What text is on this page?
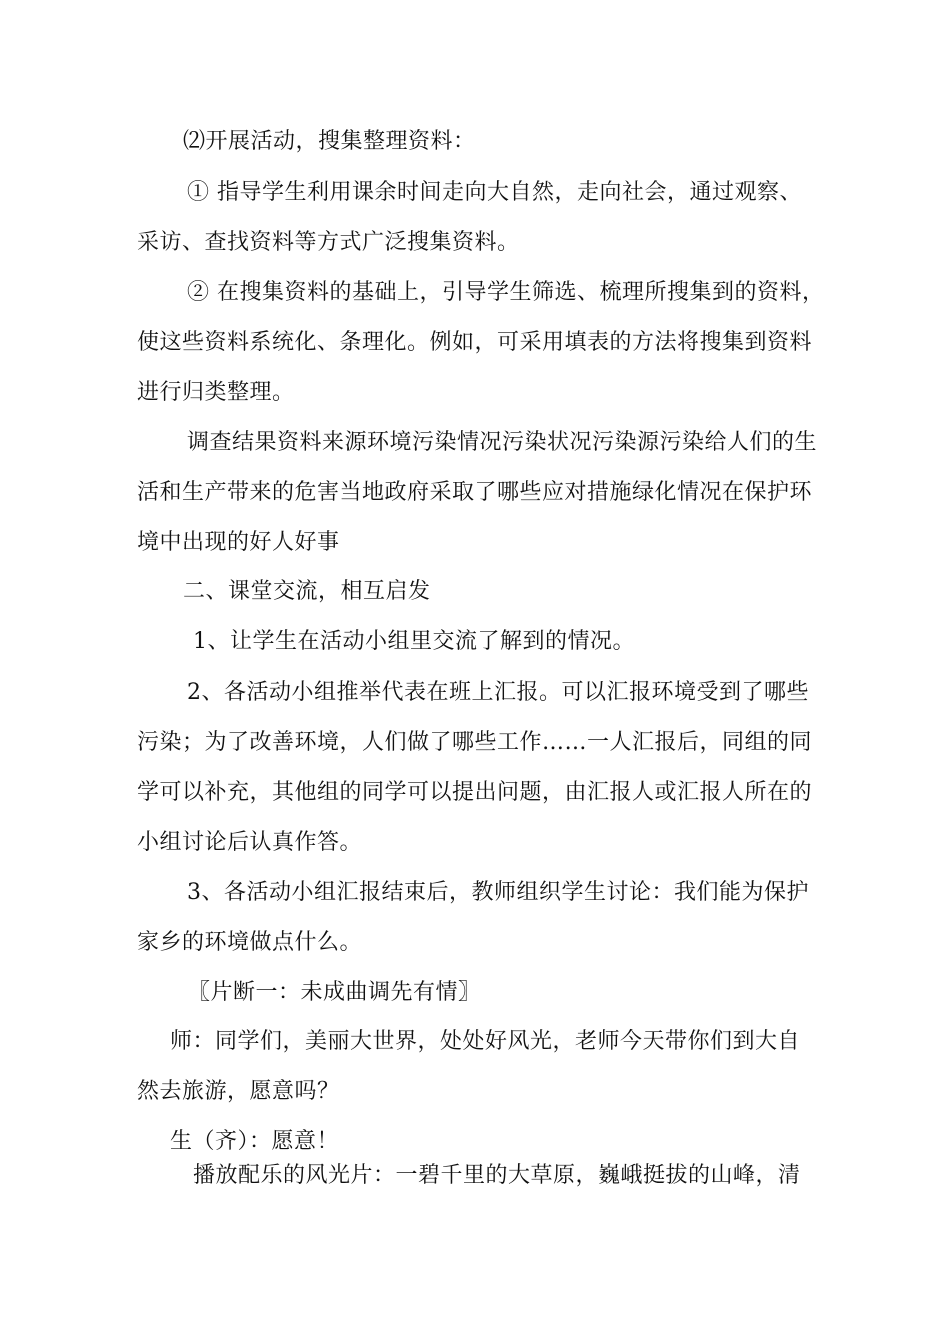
⑵开展活动，搜集整理资料：
① 指导学生利用课余时间走向大自然，走向社会，通过观察、
采访、查找资料等方式广泛搜集资料。
② 在搜集资料的基础上，引导学生筛选、梳理所搜集到的资料，
使这些资料系统化、条理化。例如，可采用填表的方法将搜集到资料
进行归类整理。
调查结果资料来源环境污染情况污染状况污染源污染给人们的生
活和生产带来的危害当地政府采取了哪些应对措施绿化情况在保护环
境中出现的好人好事
二、课堂交流，相互启发
1、让学生在活动小组里交流了解到的情况。
2、各活动小组推举代表在班上汇报。可以汇报环境受到了哪些
污染；为了改善环境，人们做了哪些工作……一人汇报后，同组的同
学可以补充，其他组的同学可以提出问题，由汇报人或汇报人所在的
小组讨论后认真作答。
3、各活动小组汇报结束后，教师组织学生讨论：我们能为保护
家乡的环境做点什么。
〖片断一：未成曲调先有情〗
师：同学们，美丽大世界，处处好风光，老师今天带你们到大自
然去旅游，愿意吗？
生（齐）：愿意！
播放配乐的风光片：一碧千里的大草原，巍峨挺拔的山峰，清
